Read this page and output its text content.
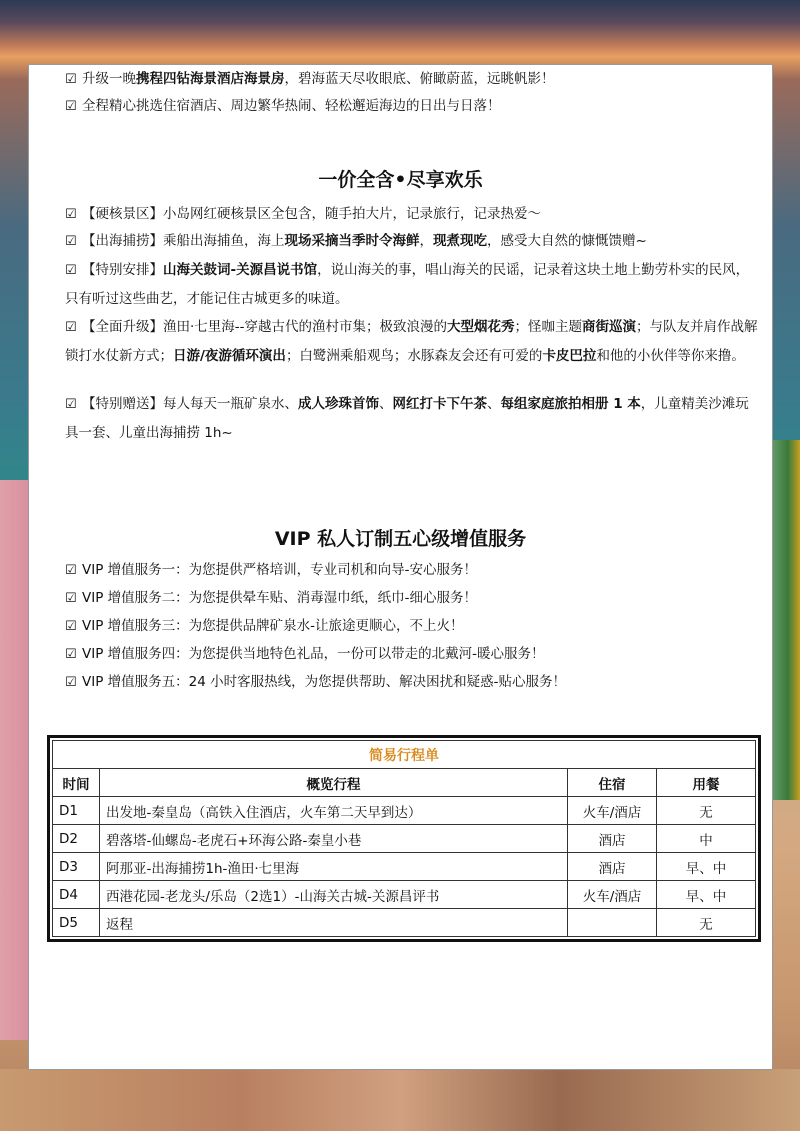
☑ 升级一晚携程四钻海景酒店海景房，碧海蓝天尽收眼底、俯瞰蔚蓝，远眺帆影！
☑ 全程精心挑选住宿酒店、周边繁华热闹、轻松邂逅海边的日出与日落！
一价全含•尽享欢乐
☑ 【硬核景区】小岛网红硬核景区全包含，随手拍大片，记录旅行，记录热爱～
☑ 【出海捕捞】乘船出海捕鱼，海上现场采摘当季时令海鲜，现煮现吃，感受大自然的慷慨馈赠~
☑ 【特别安排】山海关鼓词-关源昌说书馆，说山海关的事，唱山海关的民谣，记录着这块土地上勤劳朴实的民风，只有听过这些曲艺，才能记住古城更多的味道。
☑ 【全面升级】渔田·七里海--穿越古代的渔村市集；极致浪漫的大型烟花秀；怪咖主题商街巡演；与队友并肩作战解锁打水仗新方式；日游/夜游循环演出；白鹭洲乘船观鸟；水豚森友会还有可爱的卡皮巴拉和他的小伙伴等你来撸。
☑ 【特别赠送】每人每天一瓶矿泉水、成人珍珠首饰、网红打卡下午茶、每组家庭旅拍相册 1 本，儿童精美沙滩玩具一套、儿童出海捕捞 1h~
VIP 私人订制五心级增值服务
☑ VIP 增值服务一：为您提供严格培训，专业司机和向导-安心服务！
☑ VIP 增值服务二：为您提供晕车贴、消毒湿巾纸，纸巾-细心服务！
☑ VIP 增值服务三：为您提供品牌矿泉水-让旅途更顺心，不上火！
☑ VIP 增值服务四：为您提供当地特色礼品，一份可以带走的北戴河-暖心服务！
☑ VIP 增值服务五：24 小时客服热线，为您提供帮助、解决困扰和疑惑-贴心服务！
简易行程单			
时间	概览行程	住宿	用餐
D1	出发地-秦皇岛（高铁入住酒店，火车第二天早到达）	火车/酒店	无
D2	碧落塔-仙螺岛-老虎石+环海公路-秦皇小巷	酒店	中
D3	阿那亚-出海捕捞1h-渔田·七里海	酒店	早、中
D4	西港花园-老龙头/乐岛（2选1）-山海关古城-关源昌评书	火车/酒店	早、中
D5	返程		无
